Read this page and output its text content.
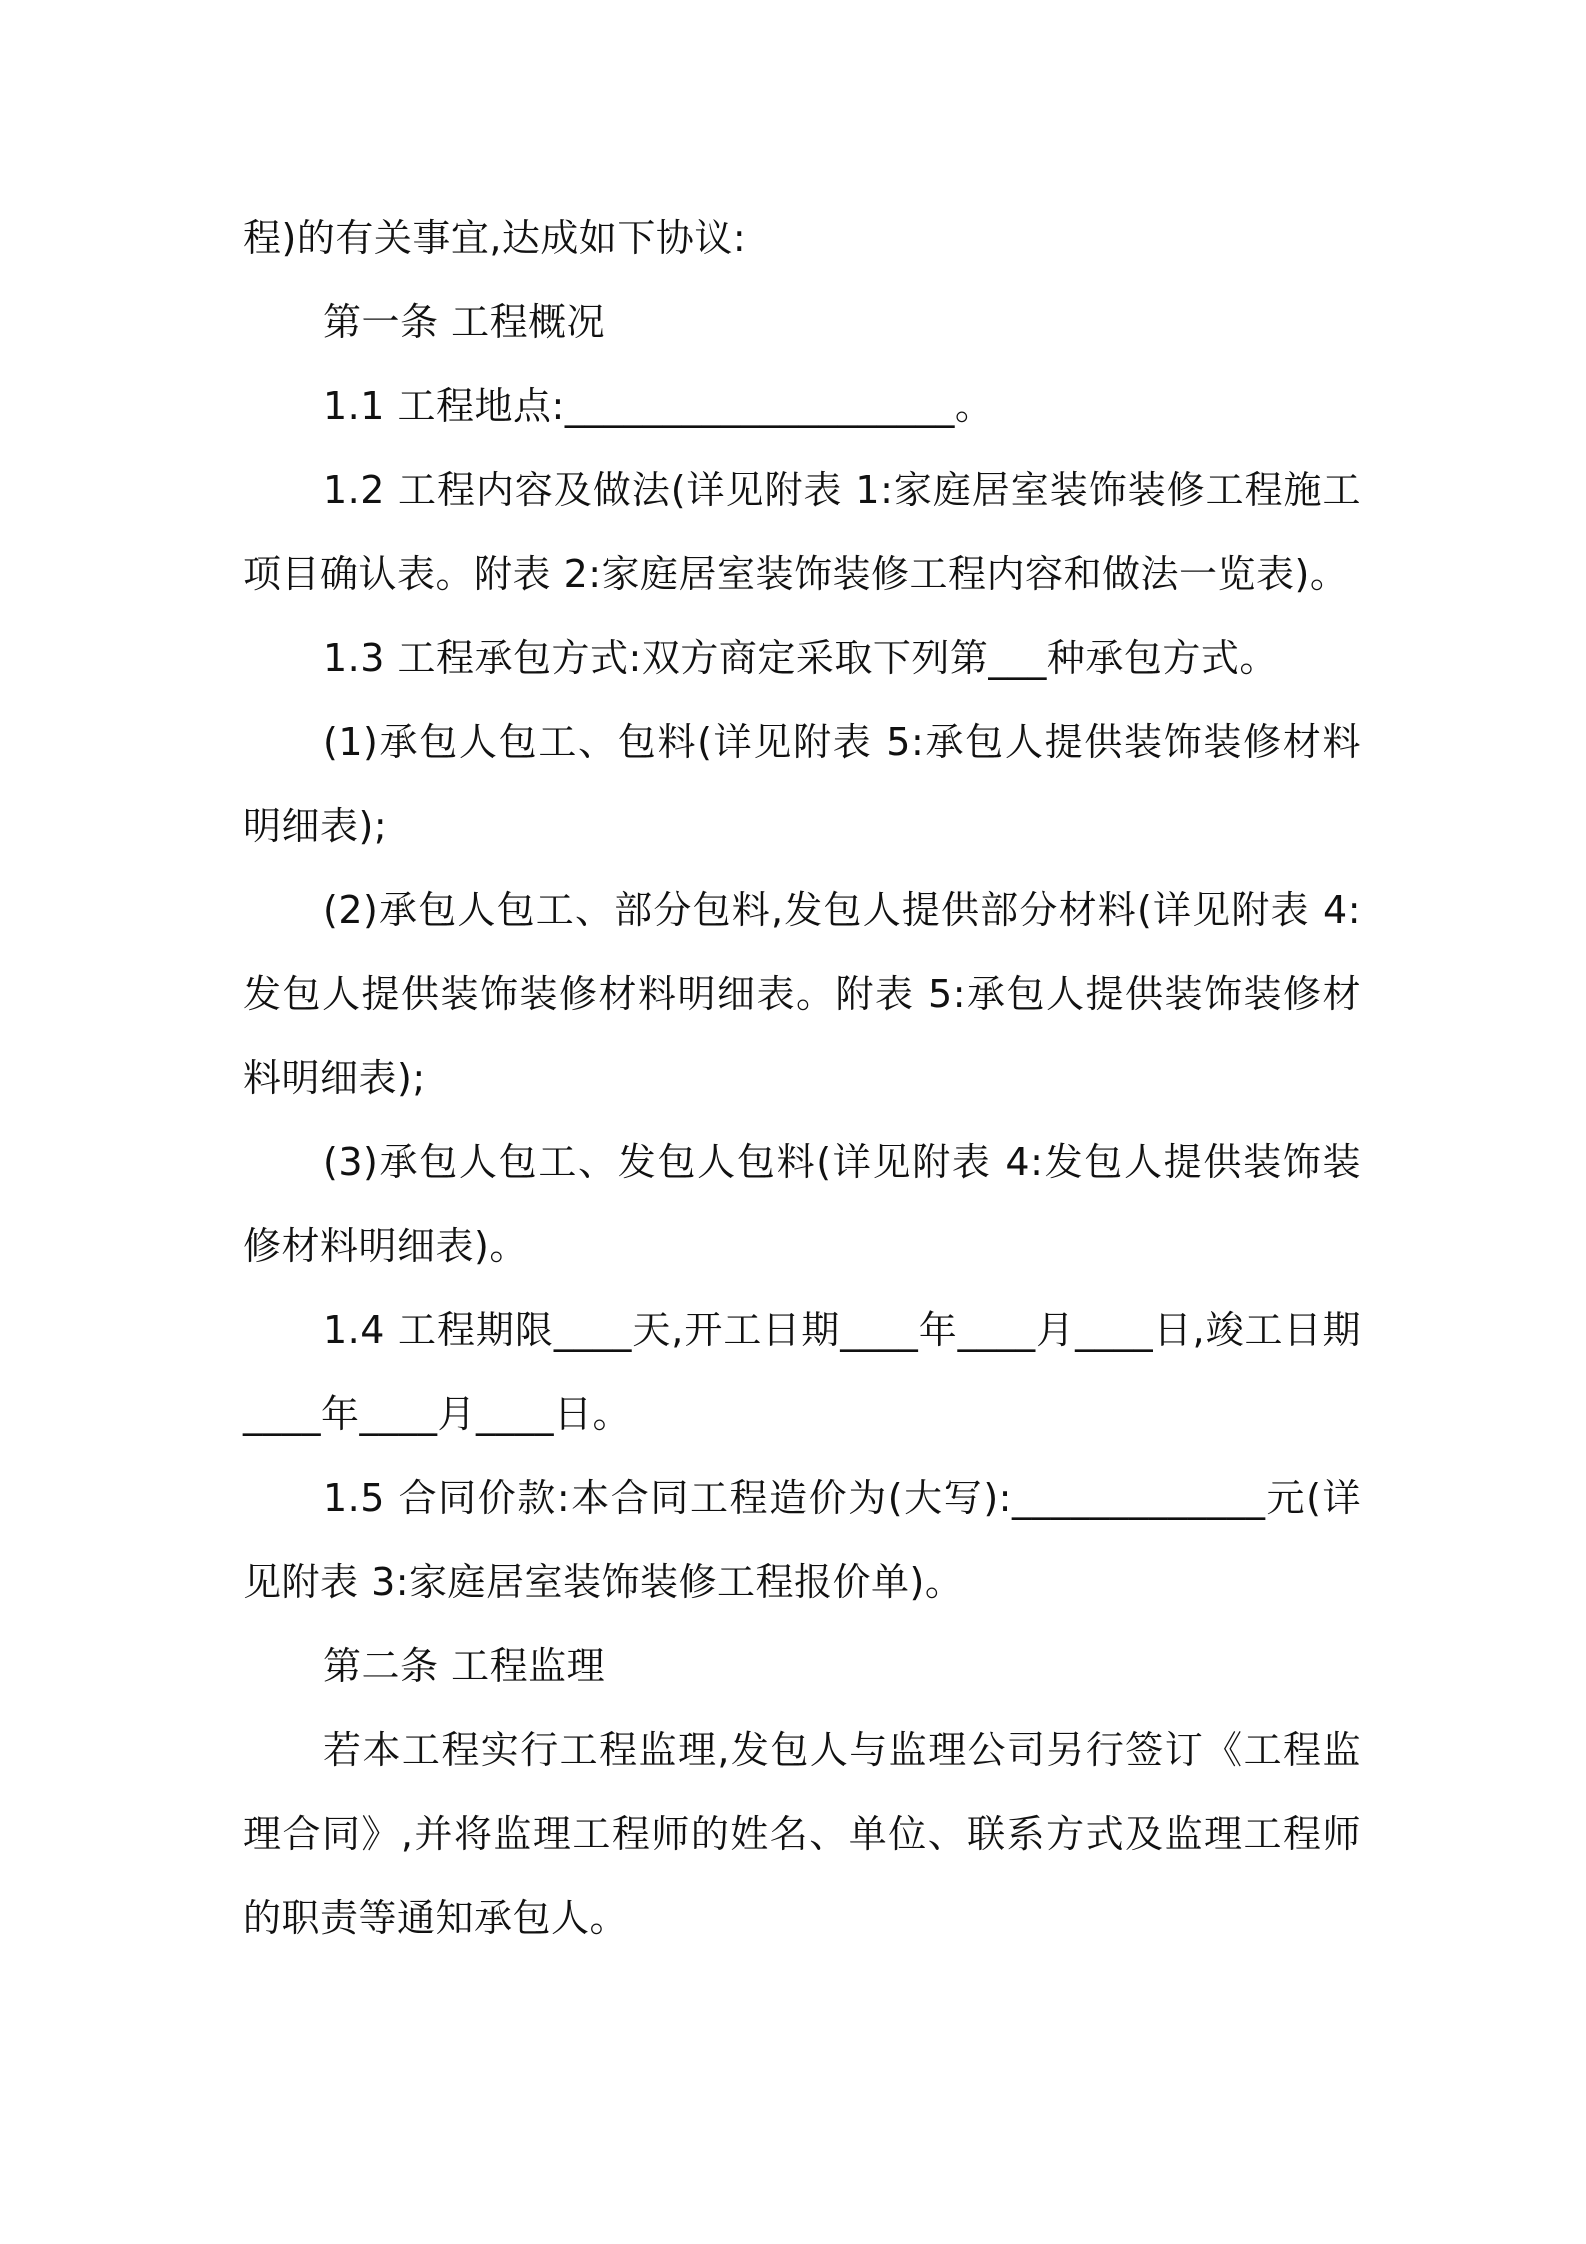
程)的有关事宜,达成如下协议:

第一条 工程概况

1.1 工程地点:____________________。

1.2 工程内容及做法(详见附表 1:家庭居室装饰装修工程施工项目确认表。附表 2:家庭居室装饰装修工程内容和做法一览表)。

1.3 工程承包方式:双方商定采取下列第___种承包方式。

(1)承包人包工、包料(详见附表 5:承包人提供装饰装修材料明细表);

(2)承包人包工、部分包料,发包人提供部分材料(详见附表 4:发包人提供装饰装修材料明细表。附表 5:承包人提供装饰装修材料明细表);

(3)承包人包工、发包人包料(详见附表 4:发包人提供装饰装修材料明细表)。

1.4 工程期限____天,开工日期____年____月____日,竣工日期____年____月____日。

1.5 合同价款:本合同工程造价为(大写):_____________元(详见附表 3:家庭居室装饰装修工程报价单)。

第二条 工程监理

若本工程实行工程监理,发包人与监理公司另行签订《工程监理合同》,并将监理工程师的姓名、单位、联系方式及监理工程师的职责等通知承包人。
